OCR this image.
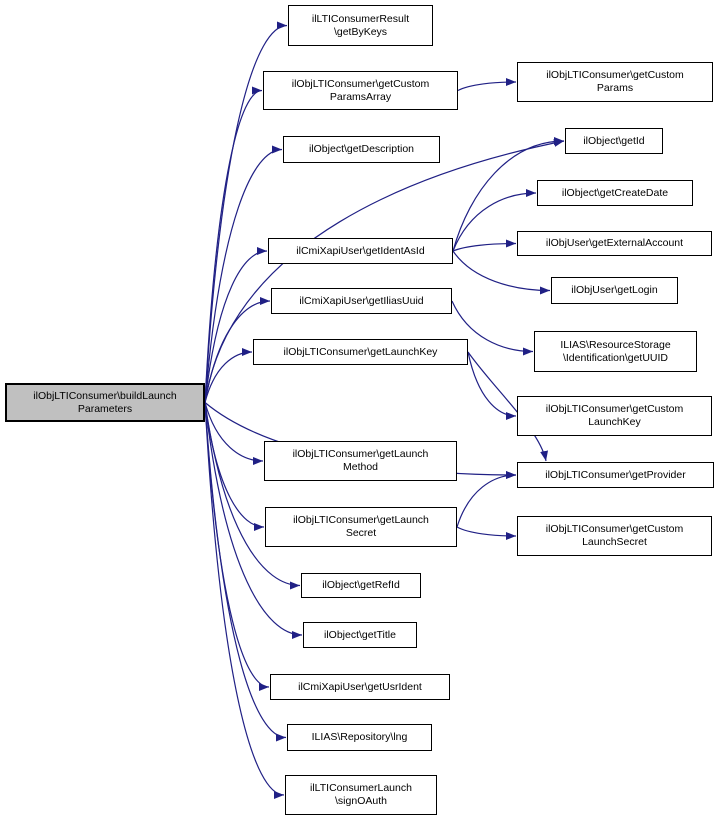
ilObjLTIConsumer\buildLaunch
Parameters
ilLTIConsumerResult
\getByKeys
ilObjLTIConsumer\getCustom
ParamsArray
ilObject\getDescription
ilCmiXapiUser\getIdentAsId
ilCmiXapiUser\getIliasUuid
ilObjLTIConsumer\getLaunchKey
ilObjLTIConsumer\getLaunch
Method
ilObjLTIConsumer\getLaunch
Secret
ilObject\getRefId
ilObject\getTitle
ilCmiXapiUser\getUsrIdent
ILIAS\Repository\lng
ilLTIConsumerLaunch
\signOAuth
ilObjLTIConsumer\getCustom
Params
ilObject\getId
ilObject\getCreateDate
ilObjUser\getExternalAccount
ilObjUser\getLogin
ILIAS\ResourceStorage
\Identification\getUUID
ilObjLTIConsumer\getCustom
LaunchKey
ilObjLTIConsumer\getProvider
ilObjLTIConsumer\getCustom
LaunchSecret
